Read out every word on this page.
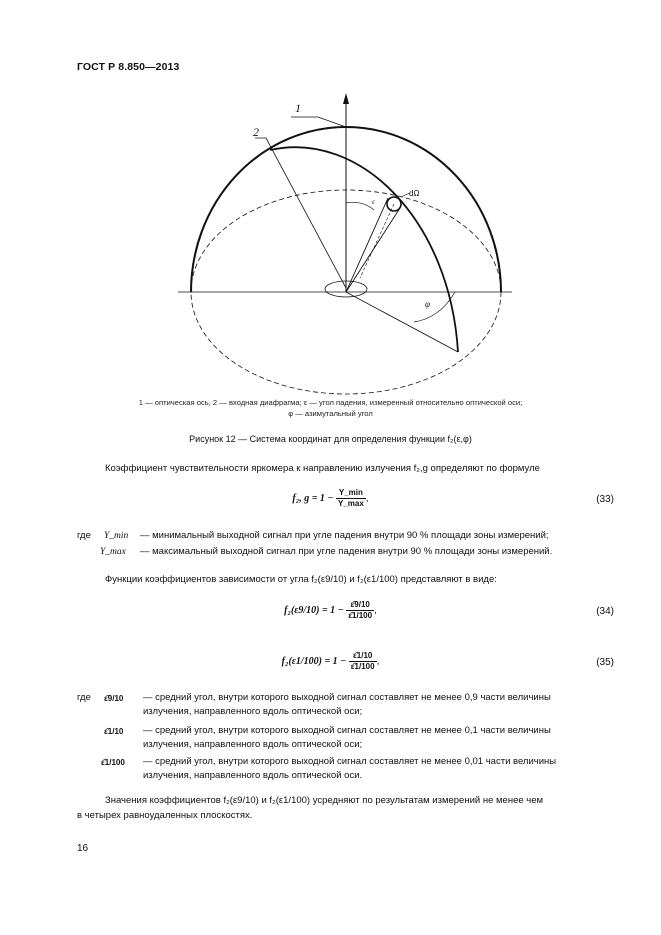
ГОСТ Р 8.850—2013
1
2
dΩ
ε
φ
1 — оптическая ось, 2 — входная диафрагма; ε — угол падения, измеренный относительно оптической оси;
φ — азимутальный угол
Рисунок 12 — Система координат для определения функции f₂(ε,φ)
Коэффициент чувствительности яркомера к направлению излучения f₂,g определяют по формуле
f₂, $g = 1 - \frac{Y\_\min}{Y\_\max}$ ,	(33)
где Y_min — минимальный выходной сигнал при угле падения внутри 90 % площади зоны измерений;
Y_max — максимальный выходной сигнал при угле падения внутри 90 % площади зоны измерений.
Функции коэффициентов зависимости от угла f₂(ε9/10) и f₂(ε1/100) представляют в виде:
$f_2(\varepsilon 9/10) = 1 - \frac{\varepsilon̄9/10}{\varepsilon̄1/100}$ ,	(34)
$f_2(\varepsilon 1/100) = 1 - \frac{\varepsilon̄1/10}{\varepsilon̄1/100}$ ,	(35)
где ε̄9/10 — средний угол, внутри которого выходной сигнал составляет не менее 0,9 части величины
излучения, направленного вдоль оптической оси;
ε̄1/10 — средний угол, внутри которого выходной сигнал составляет не менее 0,1 части величины
излучения, направленного вдоль оптической оси;
ε̄1/100 — средний угол, внутри которого выходной сигнал составляет не менее 0,01 части величины
излучения, направленного вдоль оптической оси.
Значения коэффициентов f₂(ε9/10) и f₂(ε1/100) усредняют по результатам измерений не менее чем
в четырех равноудаленных плоскостях.
16
